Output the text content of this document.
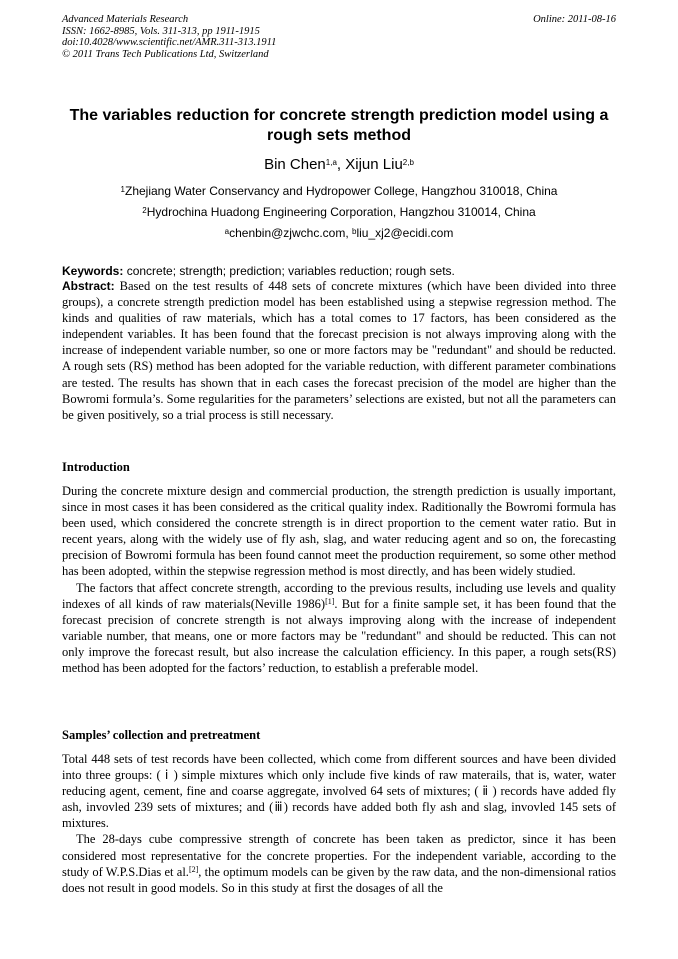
Advanced Materials Research
ISSN: 1662-8985, Vols. 311-313, pp 1911-1915
doi:10.4028/www.scientific.net/AMR.311-313.1911
© 2011 Trans Tech Publications Ltd, Switzerland
Online: 2011-08-16
The variables reduction for concrete strength prediction model using a rough sets method
Bin Chen$^{1,a}$, Xijun Liu$^{2,b}$
$^1$Zhejiang Water Conservancy and Hydropower College, Hangzhou 310018, China
$^2$Hydrochina Huadong Engineering Corporation, Hangzhou 310014, China
$^a$chenbin@zjwchc.com, $^b$liu_xj2@ecidi.com
Keywords: concrete; strength; prediction; variables reduction; rough sets.

Abstract: Based on the test results of 448 sets of concrete mixtures (which have been divided into three groups), a concrete strength prediction model has been established using a stepwise regression method. The kinds and qualities of raw materials, which has a total comes to 17 factors, has been considered as the independent variables. It has been found that the forecast precision is not always improving along with the increase of independent variable number, so one or more factors may be "redundant" and should be reducted. A rough sets (RS) method has been adopted for the variable reduction, with different parameter combinations are tested. The results has shown that in each cases the forecast precision of the model are higher than the Bowromi formula’s. Some regularities for the parameters’ selections are existed, but not all the parameters can be given positively, so a trial process is still necessary.

Introduction

During the concrete mixture design and commercial production, the strength prediction is usually important, since in most cases it has been considered as the critical quality index. Raditionally the Bowromi formula has been used, which considered the concrete strength is in direct proportion to the cement water ratio. But in recent years, along with the widely use of fly ash, slag, and water reducing agent and so on, the forecasting precision of Bowromi formula has been found cannot meet the production requirement, so some other method has been adopted, within the stepwise regression method is most directly, and has been widely studied.

The factors that affect concrete strength, according to the previous results, including use levels and quality indexes of all kinds of raw materials(Neville 1986)[1]. But for a finite sample set, it has been found that the forecast precision of concrete strength is not always improving along with the increase of independent variable number, that means, one or more factors may be "redundant" and should be reducted. This can not only improve the forecast result, but also increase the calculation efficiency. In this paper, a rough sets(RS) method has been adopted for the factors’ reduction, to establish a preferable model.

Samples’ collection and pretreatment

Total 448 sets of test records have been collected, which come from different sources and have been divided into three groups: ( ⅰ ) simple mixtures which only include five kinds of raw materails, that is, water, water reducing agent, cement, fine and coarse aggregate, involved 64 sets of mixtures; ( ⅱ ) records have added fly ash, invovled 239 sets of mixtures; and (ⅲ) records have added both fly ash and slag, invovled 145 sets of mixtures.

The 28-days cube compressive strength of concrete has been taken as predictor, since it has been considered most representative for the concrete properties. For the independent variable, according to the study of W.P.S.Dias et al.[2], the optimum models can be given by the raw data, and the non-dimensional ratios does not result in good models. So in this study at first the dosages of all the
